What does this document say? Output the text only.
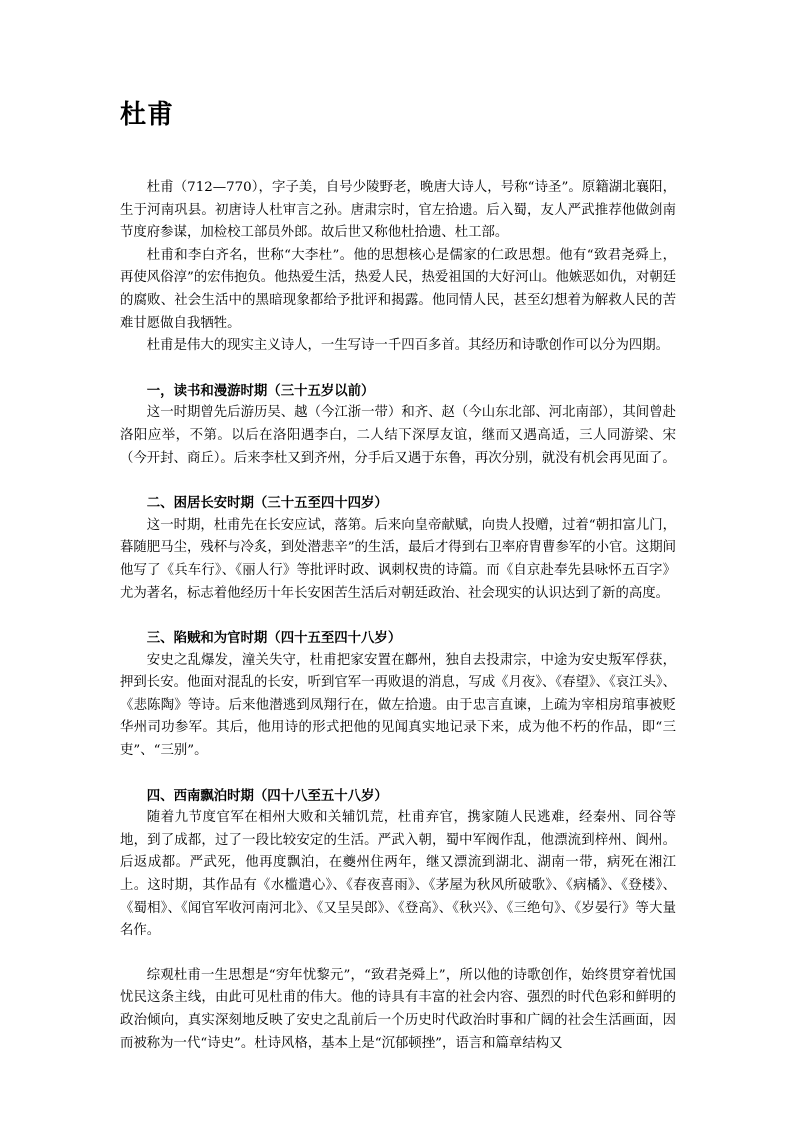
杜甫

杜甫（712—770），字子美，自号少陵野老，晚唐大诗人，号称“诗圣”。原籍湖北襄阳，生于河南巩县。初唐诗人杜审言之孙。唐肃宗时，官左拾遗。后入蜀，友人严武推荐他做剑南节度府参谋，加检校工部员外郎。故后世又称他杜拾遗、杜工部。

杜甫和李白齐名，世称“大李杜”。他的思想核心是儒家的仁政思想。他有“致君尧舜上，再使风俗淳”的宏伟抱负。他热爱生活，热爱人民，热爱祖国的大好河山。他嫉恶如仇，对朝廷的腐败、社会生活中的黑暗现象都给予批评和揭露。他同情人民，甚至幻想着为解救人民的苦难甘愿做自我牺牲。

杜甫是伟大的现实主义诗人，一生写诗一千四百多首。其经历和诗歌创作可以分为四期。

一，读书和漫游时期（三十五岁以前）

这一时期曾先后游历吴、越（今江浙一带）和齐、赵（今山东北部、河北南部），其间曾赴洛阳应举，不第。以后在洛阳遇李白，二人结下深厚友谊，继而又遇高适，三人同游梁、宋（今开封、商丘）。后来李杜又到齐州，分手后又遇于东鲁，再次分别，就没有机会再见面了。

二、困居长安时期（三十五至四十四岁）

这一时期，杜甫先在长安应试，落第。后来向皇帝献赋，向贵人投赠，过着“朝扣富儿门，暮随肥马尘，残杯与冷炙，到处潜悲辛”的生活，最后才得到右卫率府胄曹参军的小官。这期间他写了《兵车行》、《丽人行》等批评时政、讽刺权贵的诗篇。而《自京赴奉先县咏怀五百字》尤为著名，标志着他经历十年长安困苦生活后对朝廷政治、社会现实的认识达到了新的高度。

三、陷贼和为官时期（四十五至四十八岁）

安史之乱爆发，潼关失守，杜甫把家安置在鄜州，独自去投肃宗，中途为安史叛军俘获，押到长安。他面对混乱的长安，听到官军一再败退的消息，写成《月夜》、《春望》、《哀江头》、《悲陈陶》等诗。后来他潜逃到凤翔行在，做左拾遗。由于忠言直谏，上疏为宰相房琯事被贬华州司功参军。其后，他用诗的形式把他的见闻真实地记录下来，成为他不朽的作品，即“三吏”、“三别”。

四、西南飘泊时期（四十八至五十八岁）

随着九节度官军在相州大败和关辅饥荒，杜甫弃官，携家随人民逃难，经秦州、同谷等地，到了成都，过了一段比较安定的生活。严武入朝，蜀中军阀作乱，他漂流到梓州、阆州。后返成都。严武死，他再度飘泊，在夔州住两年，继又漂流到湖北、湖南一带，病死在湘江上。这时期，其作品有《水槛遣心》、《春夜喜雨》、《茅屋为秋风所破歌》、《病橘》、《登楼》、《蜀相》、《闻官军收河南河北》、《又呈吴郎》、《登高》、《秋兴》、《三绝句》、《岁晏行》等大量名作。

综观杜甫一生思想是“穷年忧黎元”，“致君尧舜上”，所以他的诗歌创作，始终贯穿着忧国忧民这条主线，由此可见杜甫的伟大。他的诗具有丰富的社会内容、强烈的时代色彩和鲜明的政治倾向，真实深刻地反映了安史之乱前后一个历史时代政治时事和广阔的社会生活画面，因而被称为一代“诗史”。杜诗风格，基本上是“沉郁顿挫”，语言和篇章结构又
